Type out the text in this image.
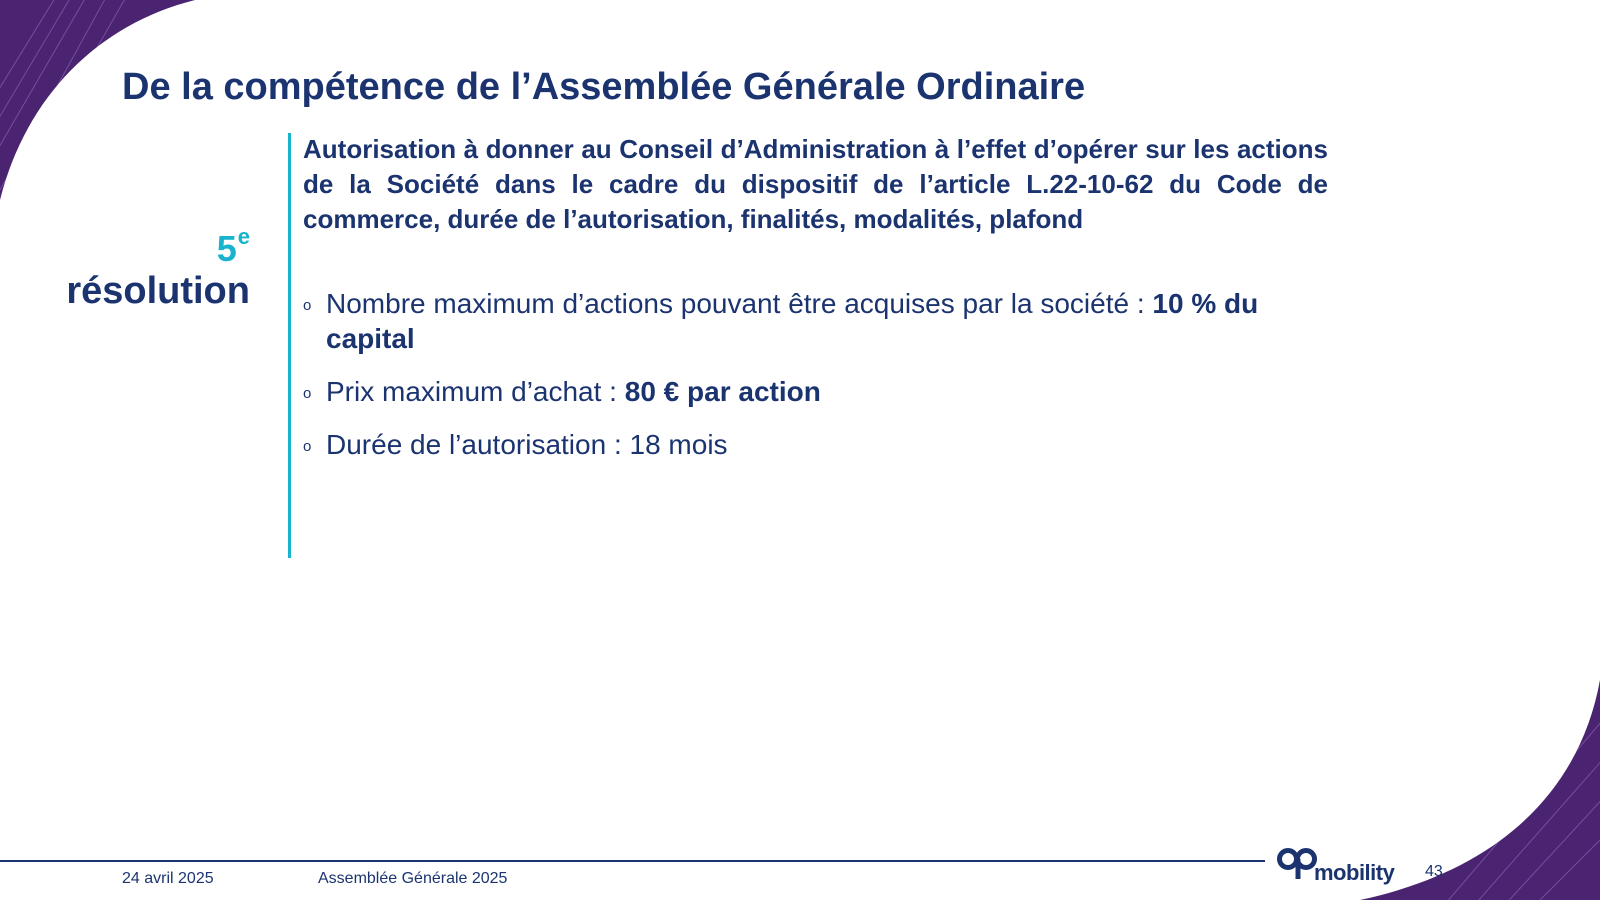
De la compétence de l’Assemblée Générale Ordinaire
5e
résolution

Autorisation à donner au Conseil d’Administration à l’effet d’opérer sur les actions de la Société dans le cadre du dispositif de l’article L.22-10-62 du Code de commerce, durée de l’autorisation, finalités, modalités, plafond

o Nombre maximum d’actions pouvant être acquises par la société : 10 % du capital
o Prix maximum d’achat : 80 € par action
o Durée de l’autorisation : 18 mois
24 avril 2025	Assemblée Générale 2025	mobility 43
